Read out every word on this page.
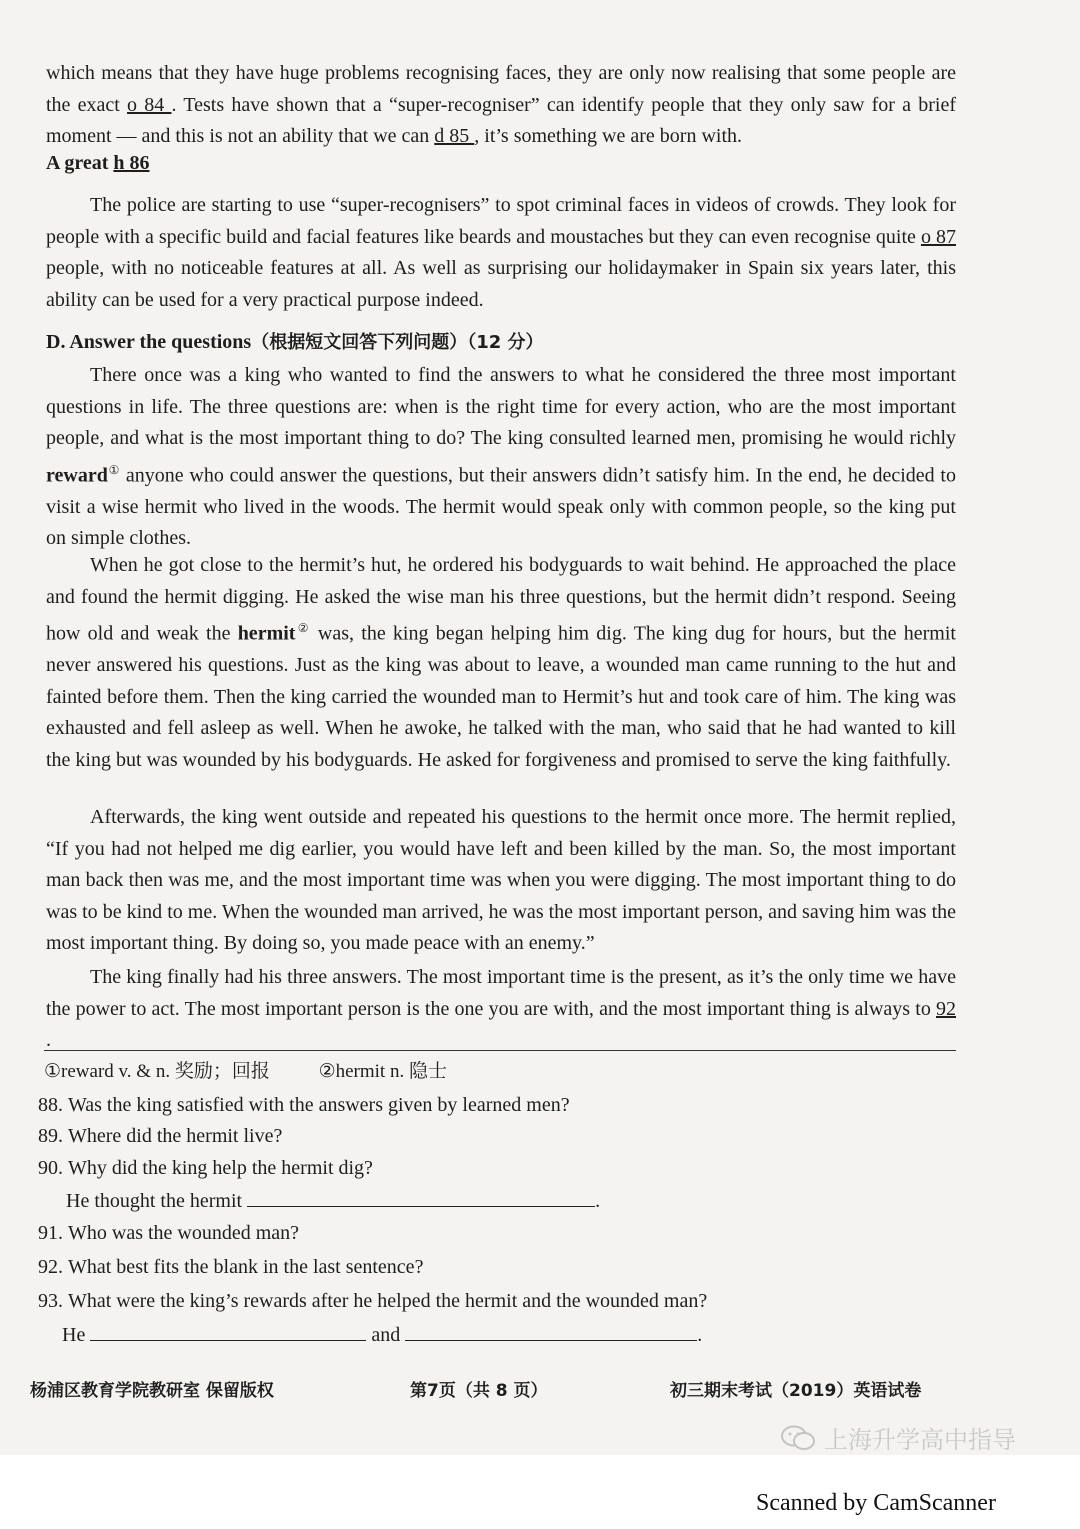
which means that they have huge problems recognising faces, they are only now realising that some people are the exact o 84 . Tests have shown that a “super-recogniser” can identify people that they only saw for a brief moment — and this is not an ability that we can d 85 , it’s something we are born with.

A great h 86

The police are starting to use “super-recognisers” to spot criminal faces in videos of crowds. They look for people with a specific build and facial features like beards and moustaches but they can even recognise quite o 87 people, with no noticeable features at all. As well as surprising our holidaymaker in Spain six years later, this ability can be used for a very practical purpose indeed.

D. Answer the questions（根据短文回答下列问题）（12 分）

There once was a king who wanted to find the answers to what he considered the three most important questions in life. The three questions are: when is the right time for every action, who are the most important people, and what is the most important thing to do? The king consulted learned men, promising he would richly reward① anyone who could answer the questions, but their answers didn’t satisfy him. In the end, he decided to visit a wise hermit who lived in the woods. The hermit would speak only with common people, so the king put on simple clothes.

When he got close to the hermit’s hut, he ordered his bodyguards to wait behind. He approached the place and found the hermit digging. He asked the wise man his three questions, but the hermit didn’t respond. Seeing how old and weak the hermit② was, the king began helping him dig. The king dug for hours, but the hermit never answered his questions. Just as the king was about to leave, a wounded man came running to the hut and fainted before them. Then the king carried the wounded man to Hermit’s hut and took care of him. The king was exhausted and fell asleep as well. When he awoke, he talked with the man, who said that he had wanted to kill the king but was wounded by his bodyguards. He asked for forgiveness and promised to serve the king faithfully.

Afterwards, the king went outside and repeated his questions to the hermit once more. The hermit replied, “If you had not helped me dig earlier, you would have left and been killed by the man. So, the most important man back then was me, and the most important time was when you were digging. The most important thing to do was to be kind to me. When the wounded man arrived, he was the most important person, and saving him was the most important thing. By doing so, you made peace with an enemy.”

The king finally had his three answers. The most important time is the present, as it’s the only time we have the power to act. The most important person is the one you are with, and the most important thing is always to 92 .

①reward v. & n. 奖励；回报	②hermit n. 隐士
88. Was the king satisfied with the answers given by learned men?
89. Where did the hermit live?
90. Why did the king help the hermit dig?
He thought the hermit	.
91. Who was the wounded man?
92. What best fits the blank in the last sentence?
93. What were the king’s rewards after he helped the hermit and the wounded man?
He	and	.
杨浦区教育学院教研室 保留版权	第7页（共 8 页）	初三期末考试（2019）英语试卷
上海升学高中指导
Scanned by CamScanner
